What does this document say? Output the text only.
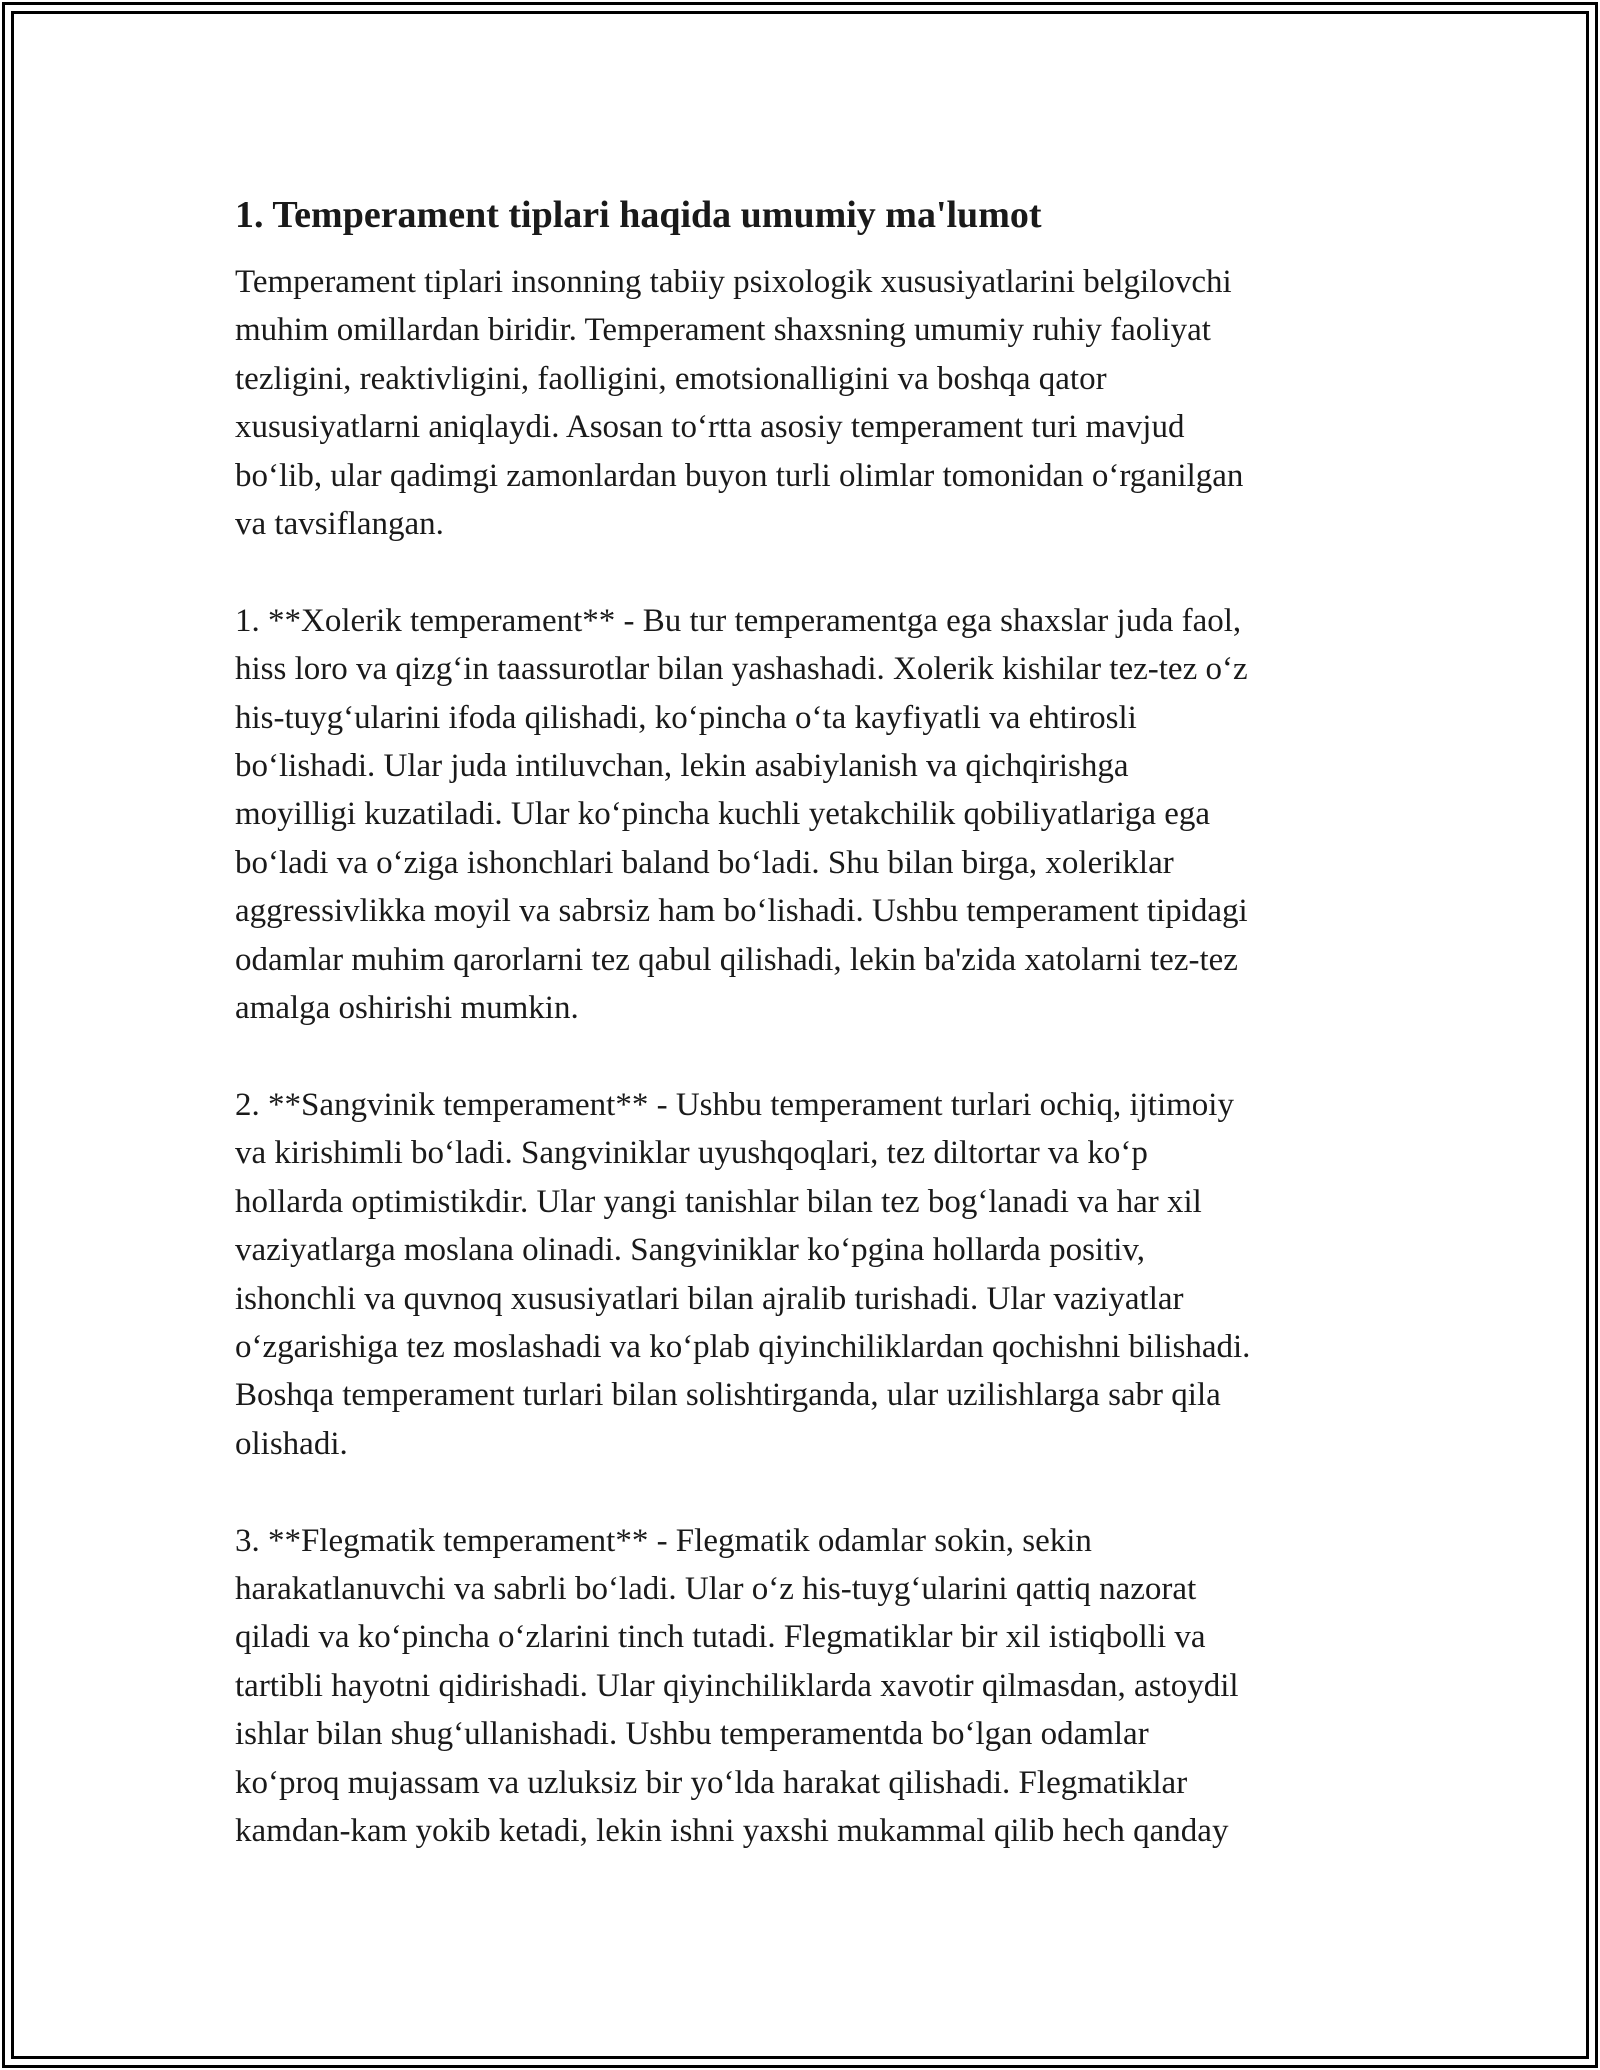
1. Temperament tiplari haqida umumiy ma'lumot
Temperament tiplari insonning tabiiy psixologik xususiyatlarini belgilovchi
muhim omillardan biridir. Temperament shaxsning umumiy ruhiy faoliyat
tezligini, reaktivligini, faolligini, emotsionalligini va boshqa qator
xususiyatlarni aniqlaydi. Asosan to‘rtta asosiy temperament turi mavjud
bo‘lib, ular qadimgi zamonlardan buyon turli olimlar tomonidan o‘rganilgan
va tavsiflangan.
1. **Xolerik temperament** - Bu tur temperamentga ega shaxslar juda faol,
hiss loro va qizg‘in taassurotlar bilan yashashadi. Xolerik kishilar tez-tez o‘z
his-tuyg‘ularini ifoda qilishadi, ko‘pincha o‘ta kayfiyatli va ehtirosli
bo‘lishadi. Ular juda intiluvchan, lekin asabiylanish va qichqirishga
moyilligi kuzatiladi. Ular ko‘pincha kuchli yetakchilik qobiliyatlariga ega
bo‘ladi va o‘ziga ishonchlari baland bo‘ladi. Shu bilan birga, xoleriklar
aggressivlikka moyil va sabrsiz ham bo‘lishadi. Ushbu temperament tipidagi
odamlar muhim qarorlarni tez qabul qilishadi, lekin ba'zida xatolarni tez-tez
amalga oshirishi mumkin.
2. **Sangvinik temperament** - Ushbu temperament turlari ochiq, ijtimoiy
va kirishimli bo‘ladi. Sangviniklar uyushqoqlari, tez diltortar va ko‘p
hollarda optimistikdir. Ular yangi tanishlar bilan tez bog‘lanadi va har xil
vaziyatlarga moslana olinadi. Sangviniklar ko‘pgina hollarda positiv,
ishonchli va quvnoq xususiyatlari bilan ajralib turishadi. Ular vaziyatlar
o‘zgarishiga tez moslashadi va ko‘plab qiyinchiliklardan qochishni bilishadi.
Boshqa temperament turlari bilan solishtirganda, ular uzilishlarga sabr qila
olishadi.
3. **Flegmatik temperament** - Flegmatik odamlar sokin, sekin
harakatlanuvchi va sabrli bo‘ladi. Ular o‘z his-tuyg‘ularini qattiq nazorat
qiladi va ko‘pincha o‘zlarini tinch tutadi. Flegmatiklar bir xil istiqbolli va
tartibli hayotni qidirishadi. Ular qiyinchiliklarda xavotir qilmasdan, astoydil
ishlar bilan shug‘ullanishadi. Ushbu temperamentda bo‘lgan odamlar
ko‘proq mujassam va uzluksiz bir yo‘lda harakat qilishadi. Flegmatiklar
kamdan-kam yokib ketadi, lekin ishni yaxshi mukammal qilib hech qanday
